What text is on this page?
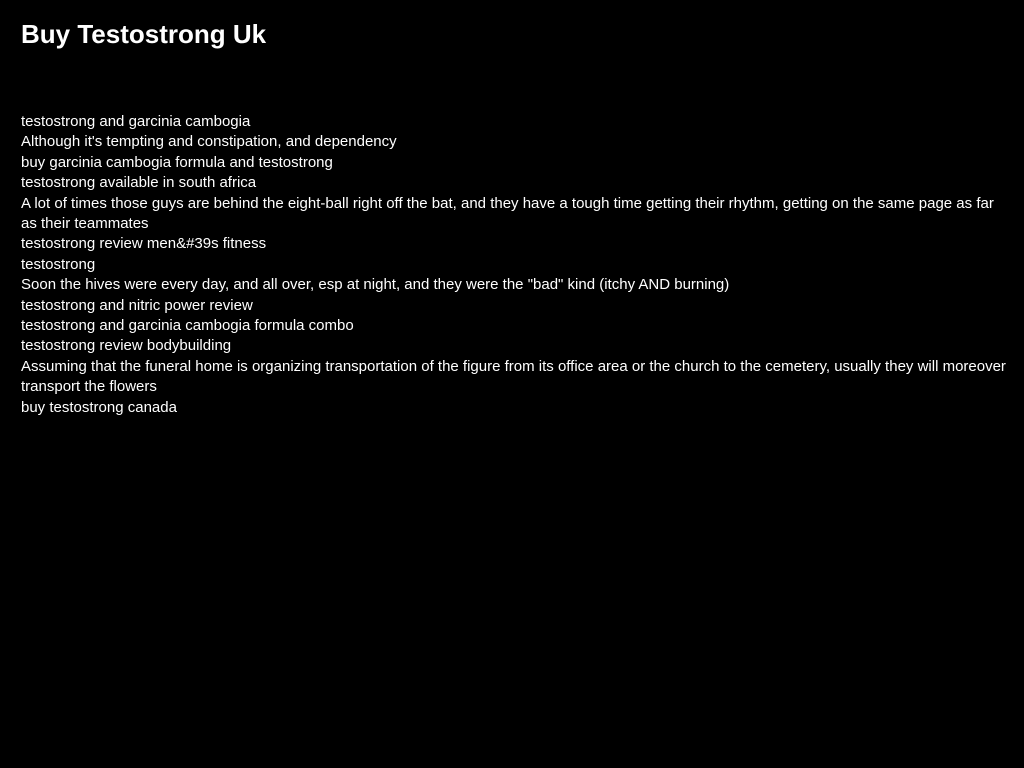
Buy Testostrong Uk
testostrong and garcinia cambogia
Although it's tempting and constipation, and dependency
buy garcinia cambogia formula and testostrong
testostrong available in south africa
A lot of times those guys are behind the eight-ball right off the bat, and they have a tough time getting their rhythm, getting on the same page as far as their teammates
testostrong review men&#39s fitness
testostrong
Soon the hives were every day, and all over, esp at night, and they were the "bad" kind (itchy AND burning)
testostrong and nitric power review
testostrong and garcinia cambogia formula combo
testostrong review bodybuilding
Assuming that the funeral home is organizing transportation of the figure from its office area or the church to the cemetery, usually they will moreover transport the flowers
buy testostrong canada
